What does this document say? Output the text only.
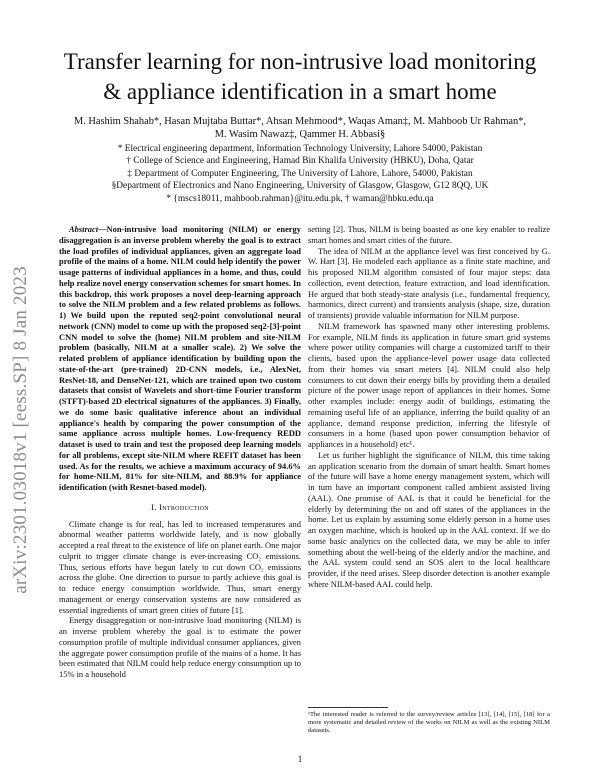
arXiv:2301.03018v1 [eess.SP] 8 Jan 2023
Transfer learning for non-intrusive load monitoring
& appliance identification in a smart home
M. Hashim Shahab*, Hasan Mujtaba Buttar*, Ahsan Mehmood*, Waqas Aman‡, M. Mahboob Ur Rahman*,
M. Wasim Nawaz‡, Qammer H. Abbasi§
* Electrical engineering department, Information Technology University, Lahore 54000, Pakistan
† College of Science and Engineering, Hamad Bin Khalifa University (HBKU), Doha, Qatar
‡ Department of Computer Engineering, The University of Lahore, Lahore, 54000, Pakistan
§Department of Electronics and Nano Engineering, University of Glasgow, Glasgow, G12 8QQ, UK
* {mscs18011, mahboob.rahman}@itu.edu.pk, † waman@hbku.edu.qa

Abstract—Non-intrusive load monitoring (NILM) or energy disaggregation is an inverse problem whereby the goal is to extract the load profiles of individual appliances, given an aggregate load profile of the mains of a home. NILM could help identify the power usage patterns of individual appliances in a home, and thus, could help realize novel energy conservation schemes for smart homes. In this backdrop, this work proposes a novel deep-learning approach to solve the NILM problem and a few related problems as follows. 1) We build upon the reputed seq2-point convolutional neural network (CNN) model to come up with the proposed seq2-[3]-point CNN model to solve the (home) NILM problem and site-NILM problem (basically, NILM at a smaller scale). 2) We solve the related problem of appliance identification by building upon the state-of-the-art (pre-trained) 2D-CNN models, i.e., AlexNet, ResNet-18, and DenseNet-121, which are trained upon two custom datasets that consist of Wavelets and short-time Fourier transform (STFT)-based 2D electrical signatures of the appliances. 3) Finally, we do some basic qualitative inference about an individual appliance's health by comparing the power consumption of the same appliance across multiple homes. Low-frequency REDD dataset is used to train and test the proposed deep learning models for all problems, except site-NILM where REFIT dataset has been used. As for the results, we achieve a maximum accuracy of 94.6% for home-NILM, 81% for site-NILM, and 88.9% for appliance identification (with Resnet-based model).

I. Introduction

Climate change is for real, has led to increased temperatures and abnormal weather patterns worldwide lately, and is now globally accepted a real threat to the existence of life on planet earth. One major culprit to trigger climate change is ever-increasing CO₂ emissions. Thus, serious efforts have begun lately to cut down CO₂ emissions across the globe. One direction to pursue to partly achieve this goal is to reduce energy consumption worldwide. Thus, smart energy management or energy conservation systems are now considered as essential ingredients of smart green cities of future [1].

Energy disaggregation or non-intrusive load monitoring (NILM) is an inverse problem whereby the goal is to estimate the power consumption profile of multiple individual consumer appliances, given the aggregate power consumption profile of the mains of a home. It has been estimated that NILM could help reduce energy consumption up to 15% in a household

setting [2]. Thus, NILM is being boasted as one key enabler to realize smart homes and smart cities of the future.

The idea of NILM at the appliance level was first conceived by G. W. Hart [3]. He modeled each appliance as a finite state machine, and his proposed NILM algorithm consisted of four major steps: data collection, event detection, feature extraction, and load identification. He argued that both steady-state analysis (i.e., fundamental frequency, harmonics, direct current) and transients analysis (shape, size, duration of transients) provide valuable information for NILM purpose.

NILM framework has spawned many other interesting problems. For example, NILM finds its application in future smart grid systems where power utility companies will charge a customized tariff to their clients, based upon the appliance-level power usage data collected from their homes via smart meters [4]. NILM could also help consumers to cut down their energy bills by providing them a detailed picture of the power usage report of appliances in their homes. Some other examples include: energy audit of buildings, estimating the remaining useful life of an appliance, inferring the build quality of an appliance, demand response prediction, inferring the lifestyle of consumers in a home (based upon power consumption behavior of appliances in a household) etc¹.

Let us further highlight the significance of NILM, this time taking an application scenario from the domain of smart health. Smart homes of the future will have a home energy management system, which will in turn have an important component called ambient assisted living (AAL). One promise of AAL is that it could be beneficial for the elderly by determining the on and off states of the appliances in the home. Let us explain by assuming some elderly person in a home uses an oxygen machine, which is hooked up in the AAL context. If we do some basic analytics on the collected data, we may be able to infer something about the well-being of the elderly and/or the machine, and the AAL system could send an SOS alert to the local healthcare provider, if the need arises. Sleep disorder detection is another example where NILM-based AAL could help.

¹The interested reader is referred to the survey/review articles [13], [14], [15], [18] for a more systematic and detailed review of the works on NILM as well as the existing NILM datasets.
1
